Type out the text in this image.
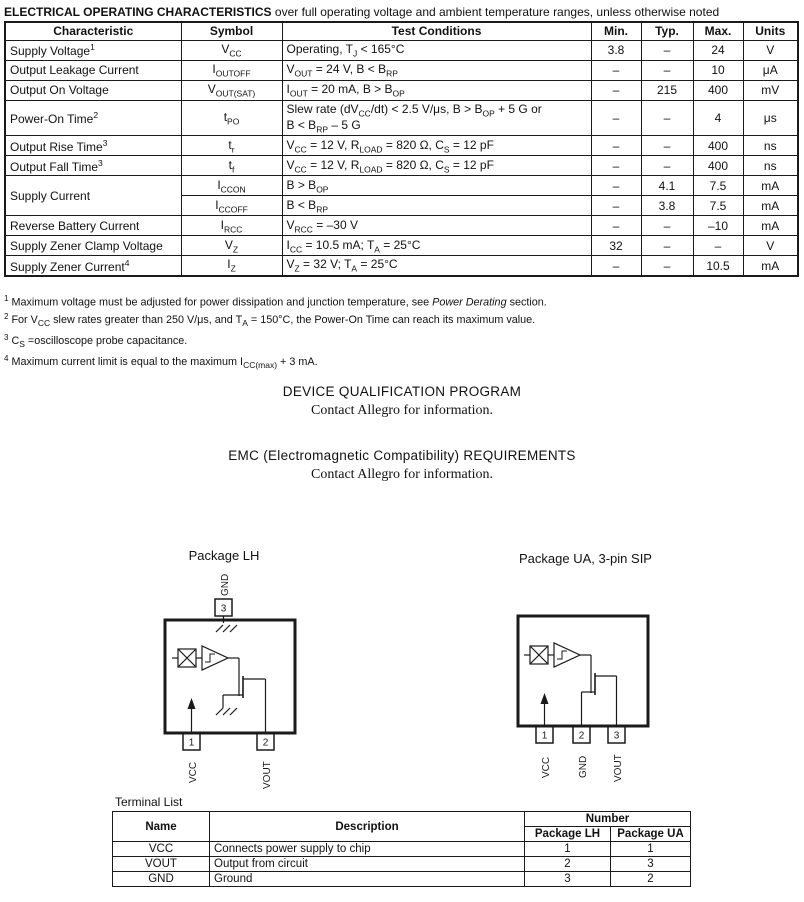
ELECTRICAL OPERATING CHARACTERISTICS over full operating voltage and ambient temperature ranges, unless otherwise noted
Characteristic	Symbol	Test Conditions	Min.	Typ.	Max.	Units
Supply Voltage$^1$	$V_{CC}$	Operating, $T_J < 165^\circ C$	3.8	–	24	V
Output Leakage Current	$I_{OUTOFF}$	$V_{OUT} = 24$ V, $B < B_{RP}$	–	–	10	μA
Output On Voltage	$V_{OUT(SAT)}$	$I_{OUT} = 20$ mA, $B > B_{OP}$	–	215	400	mV
Power-On Time$^2$	$t_{PO}$	Slew rate $(dV_{CC}/dt) < 2.5$ V/μs, $B > B_{OP} + 5$ G or
$B < B_{RP} - 5$ G	–	–	4	μs
Output Rise Time$^3$	$t_r$	$V_{CC} = 12$ V, $R_{LOAD} = 820$ Ω, $C_S = 12$ pF	–	–	400	ns
Output Fall Time$^3$	$t_f$	$V_{CC} = 12$ V, $R_{LOAD} = 820$ Ω, $C_S = 12$ pF	–	–	400	ns
Supply Current	$I_{CCON}$	$B > B_{OP}$	–	4.1	7.5	mA
	$I_{CCOFF}$	$B < B_{RP}$	–	3.8	7.5	mA
Reverse Battery Current	$I_{RCC}$	$V_{RCC} = -30$ V	–	–	–10	mA
Supply Zener Clamp Voltage	$V_Z$	$I_{CC} = 10.5$ mA; $T_A = 25^\circ C$	32	–	–	V
Supply Zener Current$^4$	$I_Z$	$V_Z = 32$ V; $T_A = 25^\circ C$	–	–	10.5	mA
$^1$ Maximum voltage must be adjusted for power dissipation and junction temperature, see Power Derating section.
$^2$ For $V_{CC}$ slew rates greater than 250 V/μs, and $T_A = 150^\circ C$, the Power-On Time can reach its maximum value.
$^3$ $C_S$ =oscilloscope probe capacitance.
$^4$ Maximum current limit is equal to the maximum $I_{CC(max)} + 3$ mA.
DEVICE QUALIFICATION PROGRAM
Contact Allegro for information.
EMC (Electromagnetic Compatibility) REQUIREMENTS
Contact Allegro for information.
Package LH
GND
3
1	2
VCC	VOUT
Package UA, 3-pin SIP
1	2	3
VCC	GND VOUT
Terminal List
Name	Description	Number	
		Package LH	Package UA
VCC	Connects power supply to chip	1	1
VOUT	Output from circuit	2	3
GND	Ground	3	2
